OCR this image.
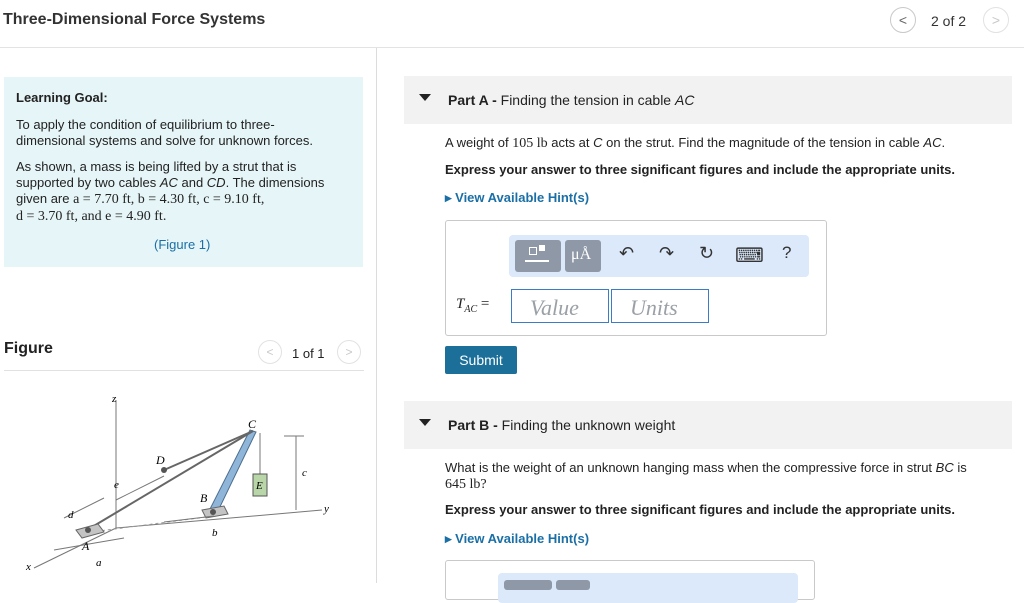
Three-Dimensional Force Systems	< 2 of 2 >
Learning Goal:

To apply the condition of equilibrium to three-dimensional systems and solve for unknown forces.

As shown, a mass is being lifted by a strut that is
supported by two cables AC and CD. The dimensions
given are a = 7.70 ft, b = 4.30 ft, c = 9.10 ft,
d = 3.70 ft, and e = 4.90 ft.

(Figure 1)
Figure	< 1 of 1 >
z
C
D
e
c
E
B
y
d
A
b
a
x
Part A - Finding the tension in cable AC
A weight of 105 lb acts at C on the strut. Find the magnitude of the tension in cable AC.
Express your answer to three significant figures and include the appropriate units.
▸ View Available Hint(s)
μÅ ↶ ↷ ↻ ⌨ ?
$T_{AC}$ =	Value	Units
Submit
Part B - Finding the unknown weight
What is the weight of an unknown hanging mass when the compressive force in strut BC is
645 lb?
Express your answer to three significant figures and include the appropriate units.
▸ View Available Hint(s)
